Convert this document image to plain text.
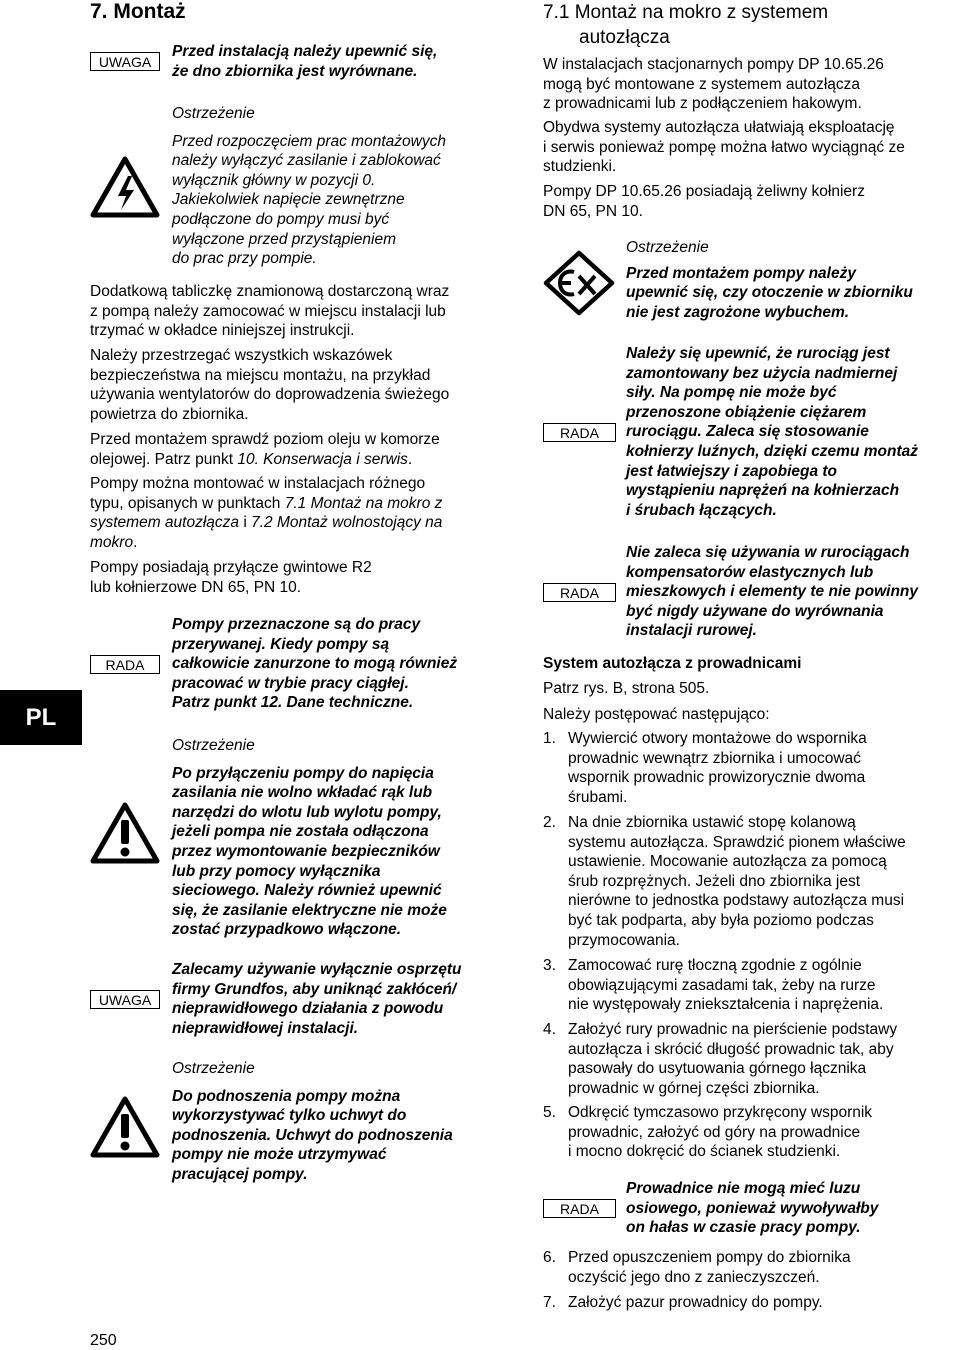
7. Montaż
UWAGA
Przed instalacją należy upewnić się,
że dno zbiornika jest wyrównane.
Ostrzeżenie
Przed rozpoczęciem prac montażowych
należy wyłączyć zasilanie i zablokować
wyłącznik główny w pozycji 0.
Jakiekolwiek napięcie zewnętrzne
podłączone do pompy musi być
wyłączone przed przystąpieniem
do prac przy pompie.
Dodatkową tabliczkę znamionową dostarczoną wraz
z pompą należy zamocować w miejscu instalacji lub
trzymać w okładce niniejszej instrukcji.
Należy przestrzegać wszystkich wskazówek
bezpieczeństwa na miejscu montażu, na przykład
używania wentylatorów do doprowadzenia świeżego
powietrza do zbiornika.
Przed montażem sprawdź poziom oleju w komorze
olejowej. Patrz punkt 10. Konserwacja i serwis.
Pompy można montować w instalacjach różnego
typu, opisanych w punktach 7.1 Montaż na mokro z
systemem autozłącza i 7.2 Montaż wolnostojący na
mokro.
Pompy posiadają przyłącze gwintowe R2
lub kołnierzowe DN 65, PN 10.
RADA
Pompy przeznaczone są do pracy
przerywanej. Kiedy pompy są
całkowicie zanurzone to mogą również
pracować w trybie pracy ciągłej.
Patrz punkt 12. Dane techniczne.
Ostrzeżenie
Po przyłączeniu pompy do napięcia
zasilania nie wolno wkładać rąk lub
narzędzi do wlotu lub wylotu pompy,
jeżeli pompa nie została odłączona
przez wymontowanie bezpieczników
lub przy pomocy wyłącznika
sieciowego. Należy również upewnić
się, że zasilanie elektryczne nie może
zostać przypadkowo włączone.
UWAGA
Zalecamy używanie wyłącznie osprzętu
firmy Grundfos, aby uniknąć zakłóceń/
nieprawidłowego działania z powodu
nieprawidłowej instalacji.
Ostrzeżenie
Do podnoszenia pompy można
wykorzystywać tylko uchwyt do
podnoszenia. Uchwyt do podnoszenia
pompy nie może utrzymywać
pracującej pompy.
PL
250
7.1 Montaż na mokro z systemem
autozłącza
W instalacjach stacjonarnych pompy DP 10.65.26
mogą być montowane z systemem autozłącza
z prowadnicami lub z podłączeniem hakowym.
Obydwa systemy autozłącza ułatwiają eksploatację
i serwis ponieważ pompę można łatwo wyciągnąć ze
studzienki.
Pompy DP 10.65.26 posiadają żeliwny kołnierz
DN 65, PN 10.
Ostrzeżenie
Przed montażem pompy należy
upewnić się, czy otoczenie w zbiorniku
nie jest zagrożone wybuchem.
RADA
Należy się upewnić, że rurociąg jest
zamontowany bez użycia nadmiernej
siły. Na pompę nie może być
przenoszone obiążenie ciężarem
rurociągu. Zaleca się stosowanie
kołnierzy luźnych, dzięki czemu montaż
jest łatwiejszy i zapobiega to
wystąpieniu naprężeń na kołnierzach
i śrubach łączących.
RADA
Nie zaleca się używania w rurociągach
kompensatorów elastycznych lub
mieszkowych i elementy te nie powinny
być nigdy używane do wyrównania
instalacji rurowej.
System autozłącza z prowadnicami
Patrz rys. B, strona 505.
Należy postępować następująco:
1. Wywiercić otwory montażowe do wspornika
prowadnic wewnątrz zbiornika i umocować
wspornik prowadnic prowizorycznie dwoma
śrubami.
2. Na dnie zbiornika ustawić stopę kolanową
systemu autozłącza. Sprawdzić pionem właściwe
ustawienie. Mocowanie autozłącza za pomocą
śrub rozprężnych. Jeżeli dno zbiornika jest
nierówne to jednostka podstawy autozłącza musi
być tak podparta, aby była poziomo podczas
przymocowania.
3. Zamocować rurę tłoczną zgodnie z ogólnie
obowiązującymi zasadami tak, żeby na rurze
nie występowały zniekształcenia i naprężenia.
4. Założyć rury prowadnic na pierścienie podstawy
autozłącza i skrócić długość prowadnic tak, aby
pasowały do usytuowania górnego łącznika
prowadnic w górnej części zbiornika.
5. Odkręcić tymczasowo przykręcony wspornik
prowadnic, założyć od góry na prowadnice
i mocno dokręcić do ścianek studzienki.
RADA
Prowadnice nie mogą mieć luzu
osiowego, ponieważ wywoływałby
on hałas w czasie pracy pompy.
6. Przed opuszczeniem pompy do zbiornika
oczyścić jego dno z zanieczyszczeń.
7. Założyć pazur prowadnicy do pompy.
